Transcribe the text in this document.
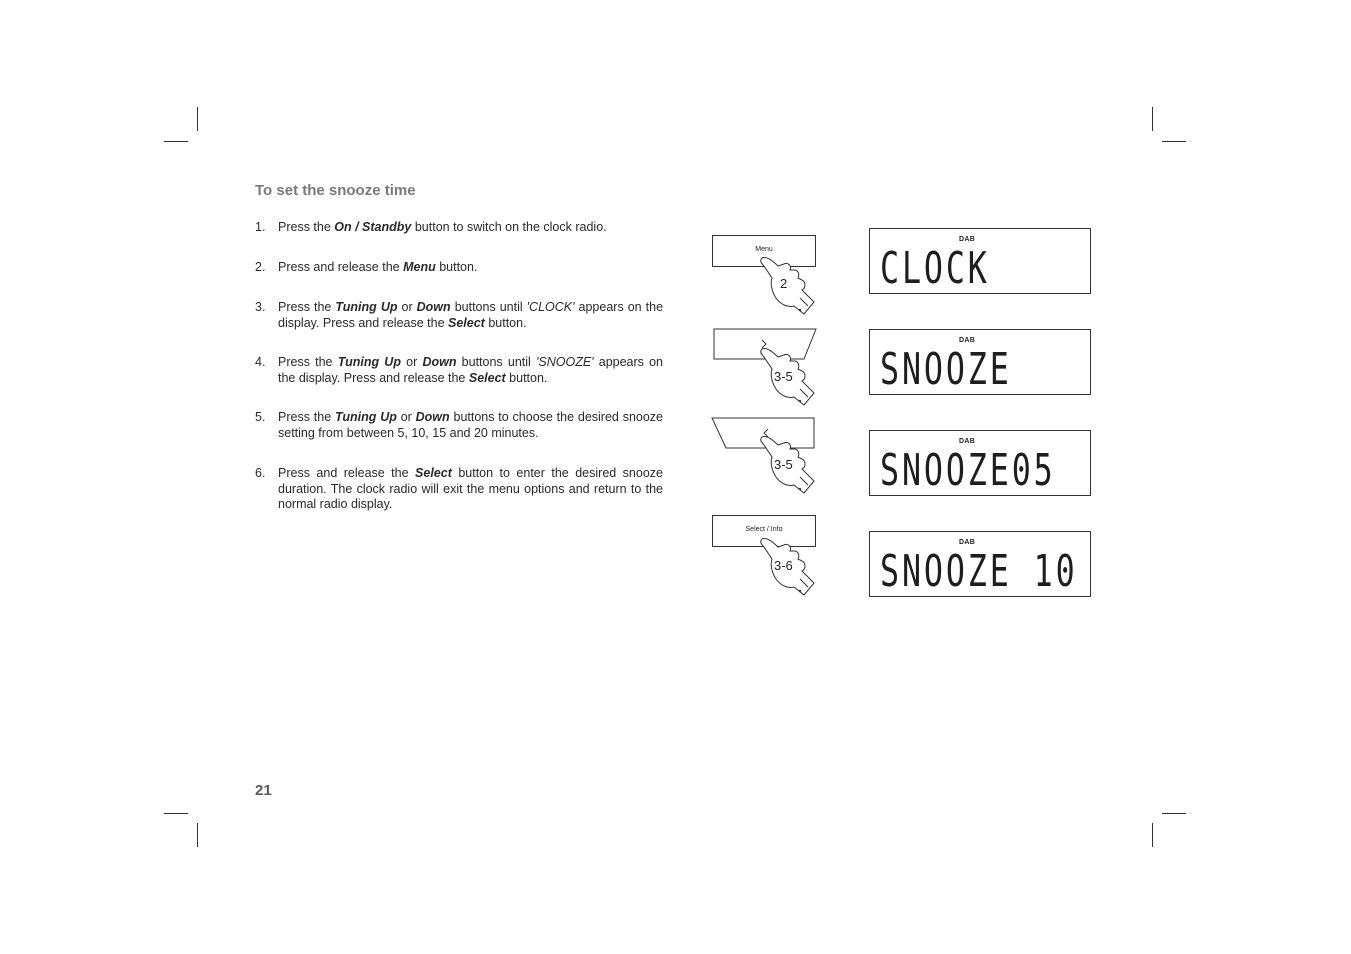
To set the snooze time
1.	Press the On / Standby button to switch on the clock radio.
2.	Press and release the Menu button.
3.	Press the Tuning Up or Down buttons until 'CLOCK' appears on the display. Press and release the Select button.
4.	Press the Tuning Up or Down buttons until 'SNOOZE' appears on the display. Press and release the Select button.
5.	Press the Tuning Up or Down buttons to choose the desired snooze setting from between 5, 10, 15 and 20 minutes.
6.	Press and release the Select button to enter the desired snooze duration. The clock radio will exit the menu options and return to the normal radio display.
21
Menu
Select / Info
2
3-5
3-5
3-6
DAB
CLOCK
DAB
SNOOZE
DAB
SNOOZE05
DAB
SNOOZE 10
